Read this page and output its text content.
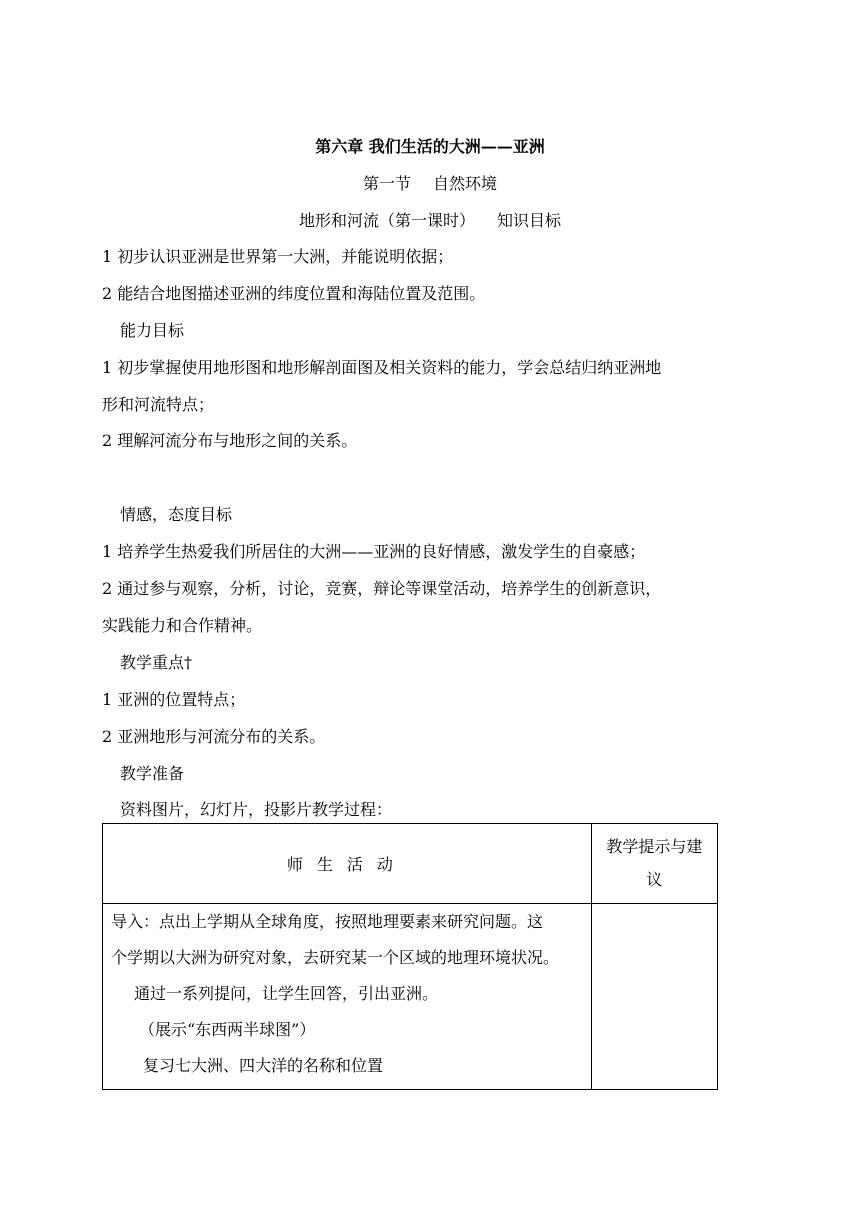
第六章 我们生活的大洲——亚洲
第一节 自然环境
地形和河流（第一课时） 知识目标
1 初步认识亚洲是世界第一大洲，并能说明依据；
2 能结合地图描述亚洲的纬度位置和海陆位置及范围。
能力目标
1 初步掌握使用地形图和地形解剖面图及相关资料的能力，学会总结归纳亚洲地
形和河流特点；
2 理解河流分布与地形之间的关系。
情感，态度目标
1 培养学生热爱我们所居住的大洲——亚洲的良好情感，激发学生的自豪感；
2 通过参与观察，分析，讨论，竞赛，辩论等课堂活动，培养学生的创新意识，
实践能力和合作精神。
教学重点†
1 亚洲的位置特点；
2 亚洲地形与河流分布的关系。
教学准备
资料图片，幻灯片，投影片教学过程：
师生活动	教学提示与建
议

导入：点出上学期从全球角度，按照地理要素来研究问题。这
个学期以大洲为研究对象，去研究某一个区域的地理环境状况。
通过一系列提问，让学生回答，引出亚洲。
（展示“东西两半球图”）
复习七大洲、四大洋的名称和位置	
